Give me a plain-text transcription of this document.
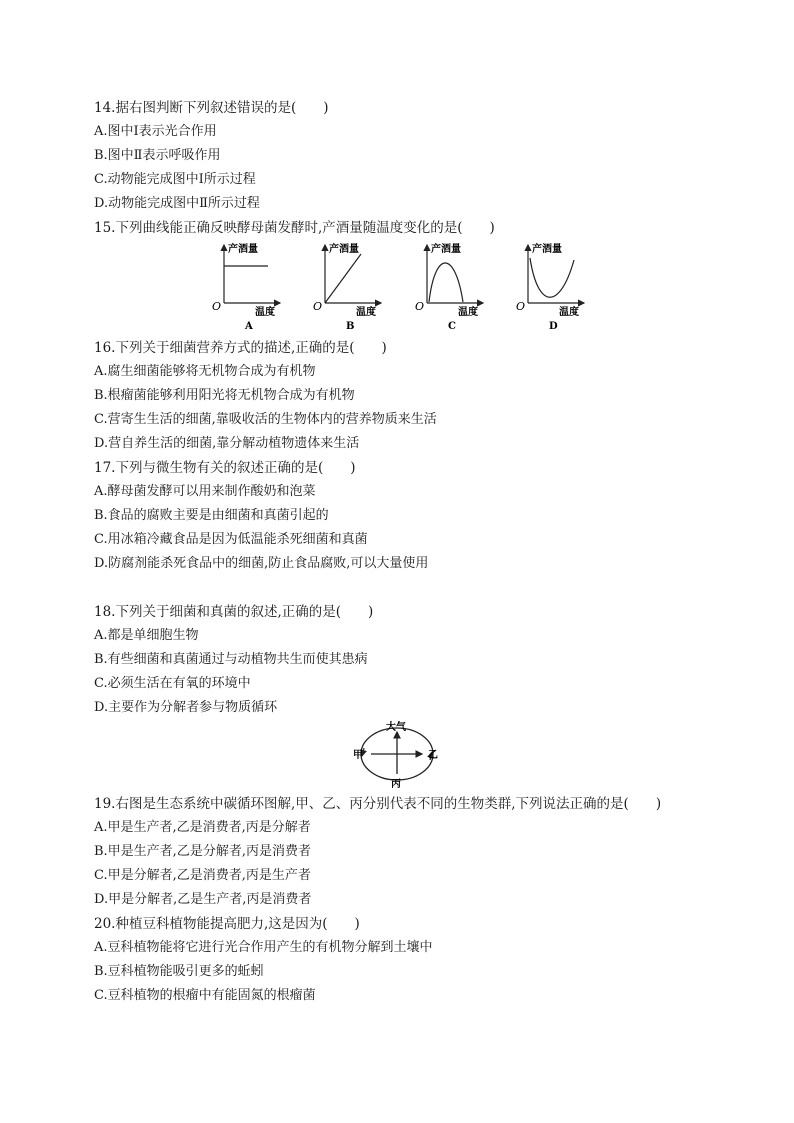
14.据右图判断下列叙述错误的是(　　)
A.图中Ⅰ表示光合作用
B.图中Ⅱ表示呼吸作用
C.动物能完成图中Ⅰ所示过程
D.动物能完成图中Ⅱ所示过程
15.下列曲线能正确反映酵母菌发酵时,产酒量随温度变化的是(　　)
产酒量
O	温度
A
产酒量
O	温度
B
产酒量
O	温度
C
产酒量
O	温度
D
16.下列关于细菌营养方式的描述,正确的是(　　)
A.腐生细菌能够将无机物合成为有机物
B.根瘤菌能够利用阳光将无机物合成为有机物
C.营寄生生活的细菌,靠吸收活的生物体内的营养物质来生活
D.营自养生活的细菌,靠分解动植物遗体来生活
17.下列与微生物有关的叙述正确的是(　　)
A.酵母菌发酵可以用来制作酸奶和泡菜
B.食品的腐败主要是由细菌和真菌引起的
C.用冰箱冷藏食品是因为低温能杀死细菌和真菌
D.防腐剂能杀死食品中的细菌,防止食品腐败,可以大量使用
18.下列关于细菌和真菌的叙述,正确的是(　　)
A.都是单细胞生物
B.有些细菌和真菌通过与动植物共生而使其患病
C.必须生活在有氧的环境中
D.主要作为分解者参与物质循环
大气
甲	乙
丙
19.右图是生态系统中碳循环图解,甲、乙、丙分别代表不同的生物类群,下列说法正确的是(　　)
A.甲是生产者,乙是消费者,丙是分解者
B.甲是生产者,乙是分解者,丙是消费者
C.甲是分解者,乙是消费者,丙是生产者
D.甲是分解者,乙是生产者,丙是消费者
20.种植豆科植物能提高肥力,这是因为(　　)
A.豆科植物能将它进行光合作用产生的有机物分解到土壤中
B.豆科植物能吸引更多的蚯蚓
C.豆科植物的根瘤中有能固氮的根瘤菌
